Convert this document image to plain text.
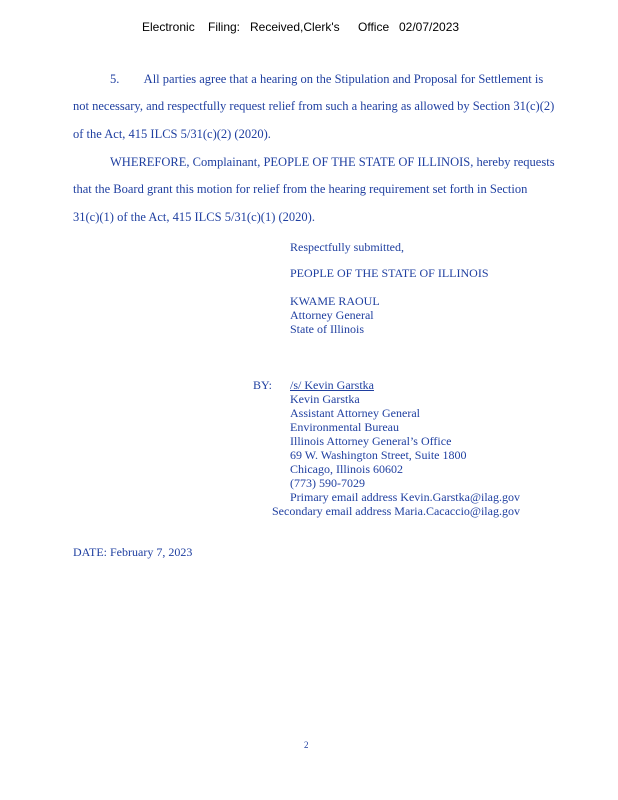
Electronic Filing: Received,Clerk's Office 02/07/2023
5.        All parties agree that a hearing on the Stipulation and Proposal for Settlement is
not necessary, and respectfully request relief from such a hearing as allowed by Section 31(c)(2)
of the Act, 415 ILCS 5/31(c)(2) (2020).
WHEREFORE, Complainant, PEOPLE OF THE STATE OF ILLINOIS, hereby requests
that the Board grant this motion for relief from the hearing requirement set forth in Section
31(c)(1) of the Act, 415 ILCS 5/31(c)(1) (2020).
Respectfully submitted,
PEOPLE OF THE STATE OF ILLINOIS
KWAME RAOUL
Attorney General
State of Illinois
BY: /s/ Kevin Garstka
Kevin Garstka
Assistant Attorney General
Environmental Bureau
Illinois Attorney General’s Office
69 W. Washington Street, Suite 1800
Chicago, Illinois 60602
(773) 590-7029
Primary email address Kevin.Garstka@ilag.gov
Secondary email address Maria.Cacaccio@ilag.gov
DATE: February 7, 2023
2
